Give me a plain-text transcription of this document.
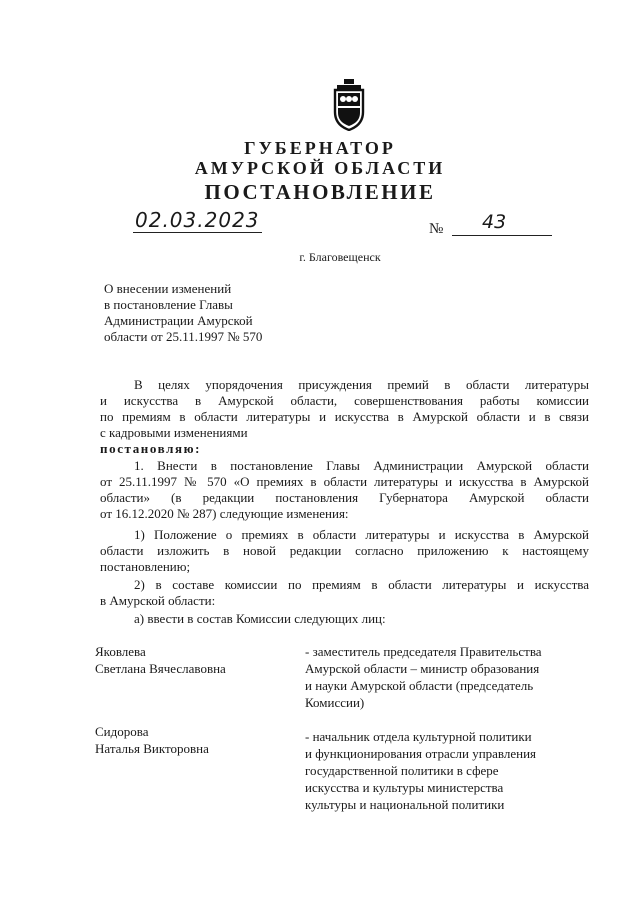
ГУБЕРНАТОР
АМУРСКОЙ ОБЛАСТИ
ПОСТАНОВЛЕНИЕ
02.03.2023	№ 43
г. Благовещенск
О внесении изменений
в постановление Главы
Администрации Амурской
области от 25.11.1997 № 570
В целях упорядочения присуждения премий в области литературы
и искусства в Амурской области, совершенствования работы комиссии
по премиям в области литературы и искусства в Амурской области и в связи
с кадровыми изменениями
постановляю:
1. Внести в постановление Главы Администрации Амурской области
от 25.11.1997 № 570 «О премиях в области литературы и искусства в Амурской
области» (в редакции постановления Губернатора Амурской области
от 16.12.2020 № 287) следующие изменения:
1) Положение о премиях в области литературы и искусства в Амурской
области изложить в новой редакции согласно приложению к настоящему
постановлению;
2) в составе комиссии по премиям в области литературы и искусства
в Амурской области:
а) ввести в состав Комиссии следующих лиц:
Яковлева
Светлана Вячеславовна
- заместитель председателя Правительства
Амурской области – министр образования
и науки Амурской области (председатель
Комиссии)
Сидорова
Наталья Викторовна
- начальник отдела культурной политики
и функционирования отрасли управления
государственной политики в сфере
искусства и культуры министерства
культуры и национальной политики
